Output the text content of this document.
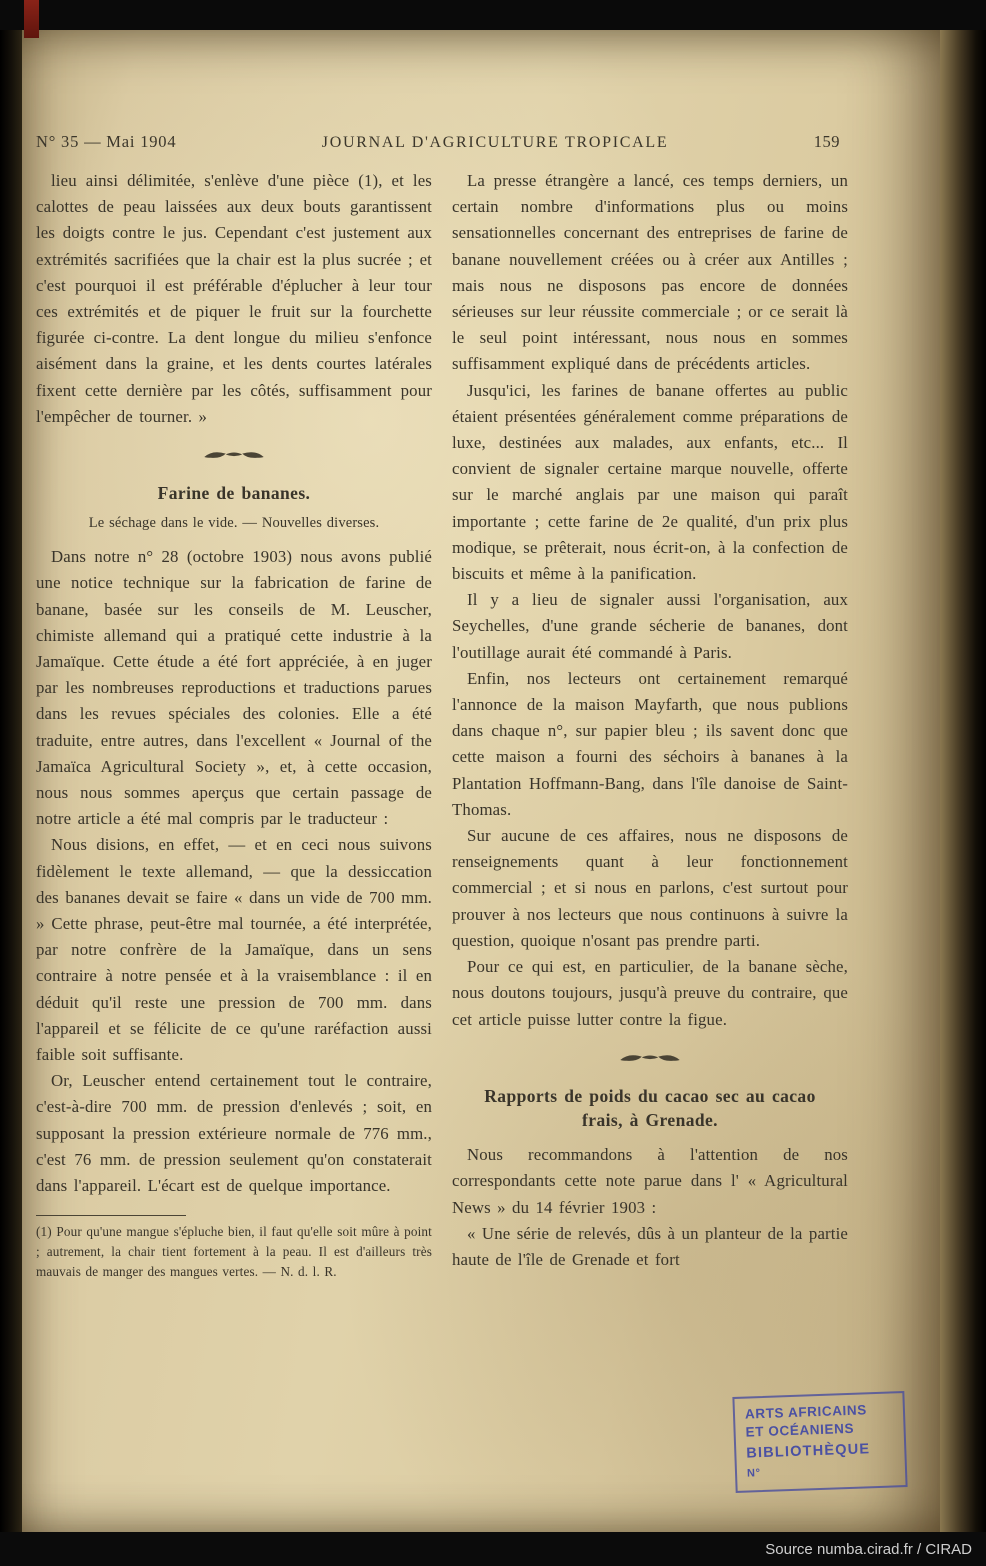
N° 35 — Mai 1904	JOURNAL D'AGRICULTURE TROPICALE	159

lieu ainsi délimitée, s'enlève d'une pièce (1), et les calottes de peau laissées aux deux bouts garantissent les doigts contre le jus. Cependant c'est justement aux extrémités sacrifiées que la chair est la plus sucrée ; et c'est pourquoi il est préférable d'éplucher à leur tour ces extrémités et de piquer le fruit sur la fourchette figurée ci-contre. La dent longue du milieu s'enfonce aisément dans la graine, et les dents courtes latérales fixent cette dernière par les côtés, suffisamment pour l'empêcher de tourner. »

Farine de bananes.
Le séchage dans le vide. — Nouvelles diverses.

Dans notre n° 28 (octobre 1903) nous avons publié une notice technique sur la fabrication de farine de banane, basée sur les conseils de M. Leuscher, chimiste allemand qui a pratiqué cette industrie à la Jamaïque. Cette étude a été fort appréciée, à en juger par les nombreuses reproductions et traductions parues dans les revues spéciales des colonies. Elle a été traduite, entre autres, dans l'excellent « Journal of the Jamaïca Agricultural Society », et, à cette occasion, nous nous sommes aperçus que certain passage de notre article a été mal compris par le traducteur :

Nous disions, en effet, — et en ceci nous suivons fidèlement le texte allemand, — que la dessiccation des bananes devait se faire « dans un vide de 700 mm. » Cette phrase, peut-être mal tournée, a été interprétée, par notre confrère de la Jamaïque, dans un sens contraire à notre pensée et à la vraisemblance : il en déduit qu'il reste une pression de 700 mm. dans l'appareil et se félicite de ce qu'une raréfaction aussi faible soit suffisante.

Or, Leuscher entend certainement tout le contraire, c'est-à-dire 700 mm. de pression d'enlevés ; soit, en supposant la pression extérieure normale de 776 mm., c'est 76 mm. de pression seulement qu'on constaterait dans l'appareil. L'écart est de quelque importance.

(1) Pour qu'une mangue s'épluche bien, il faut qu'elle soit mûre à point ; autrement, la chair tient fortement à la peau. Il est d'ailleurs très mauvais de manger des mangues vertes. — N. d. l. R.

La presse étrangère a lancé, ces temps derniers, un certain nombre d'informations plus ou moins sensationnelles concernant des entreprises de farine de banane nouvellement créées ou à créer aux Antilles ; mais nous ne disposons pas encore de données sérieuses sur leur réussite commerciale ; or ce serait là le seul point intéressant, nous nous en sommes suffisamment expliqué dans de précédents articles.

Jusqu'ici, les farines de banane offertes au public étaient présentées généralement comme préparations de luxe, destinées aux malades, aux enfants, etc... Il convient de signaler certaine marque nouvelle, offerte sur le marché anglais par une maison qui paraît importante ; cette farine de 2e qualité, d'un prix plus modique, se prêterait, nous écrit-on, à la confection de biscuits et même à la panification.

Il y a lieu de signaler aussi l'organisation, aux Seychelles, d'une grande sécherie de bananes, dont l'outillage aurait été commandé à Paris.

Enfin, nos lecteurs ont certainement remarqué l'annonce de la maison Mayfarth, que nous publions dans chaque n°, sur papier bleu ; ils savent donc que cette maison a fourni des séchoirs à bananes à la Plantation Hoffmann-Bang, dans l'île danoise de Saint-Thomas.

Sur aucune de ces affaires, nous ne disposons de renseignements quant à leur fonctionnement commercial ; et si nous en parlons, c'est surtout pour prouver à nos lecteurs que nous continuons à suivre la question, quoique n'osant pas prendre parti.

Pour ce qui est, en particulier, de la banane sèche, nous doutons toujours, jusqu'à preuve du contraire, que cet article puisse lutter contre la figue.

Rapports de poids du cacao sec au cacao frais, à Grenade.

Nous recommandons à l'attention de nos correspondants cette note parue dans l' « Agricultural News » du 14 février 1903 :

« Une série de relevés, dûs à un planteur de la partie haute de l'île de Grenade et fort

ARTS AFRICAINS
ET OCÉANIENS
BIBLIOTHÈQUE
N°
Source numba.cirad.fr / CIRAD
